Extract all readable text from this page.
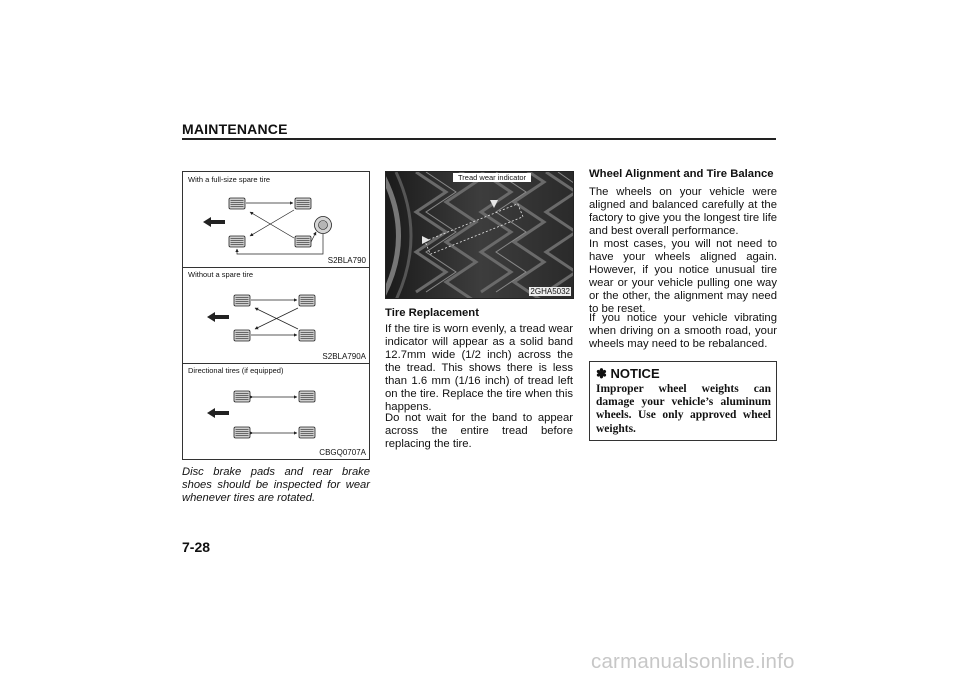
MAINTENANCE
With a full-size spare tire
S2BLA790
Without a spare tire
S2BLA790A
Directional tires (if equipped)
CBGQ0707A

Disc brake pads and rear brake shoes should be inspected for wear whenever tires are rotated.

Tread wear indicator
2GHA5032
Tire Replacement

If the tire is worn evenly, a tread wear indicator will appear as a solid band 12.7mm wide (1/2 inch) across the the tread. This shows there is less than 1.6 mm (1/16 inch) of tread left on the tire. Replace the tire when this happens.

Do not wait for the band to appear across the entire tread before replacing the tire.

Wheel Alignment and Tire Balance

The wheels on your vehicle were aligned and balanced carefully at the factory to give you the longest tire life and best overall performance.

In most cases, you will not need to have your wheels aligned again. However, if you notice unusual tire wear or your vehicle pulling one way or the other, the alignment may need to be reset.

If you notice your vehicle vibrating when driving on a smooth road, your wheels may need to be rebalanced.

✽ NOTICE

Improper wheel weights can damage your vehicle’s aluminum wheels. Use only approved wheel weights.

7-28
carmanualsonline.info
